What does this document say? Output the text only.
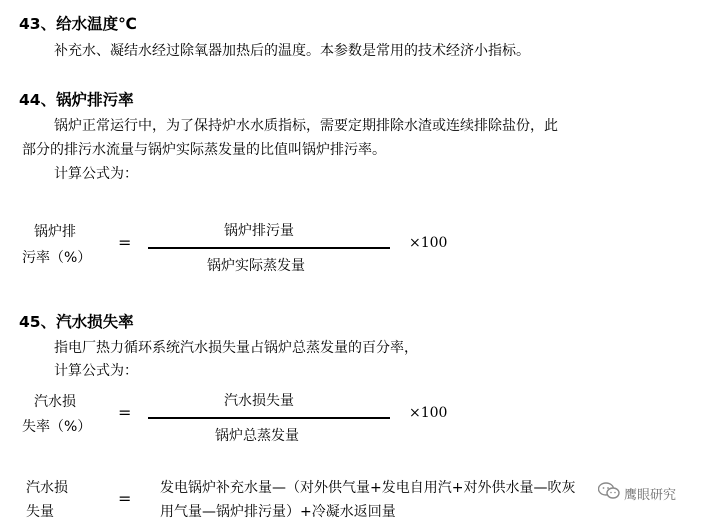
43、给水温度℃
补充水、凝结水经过除氧器加热后的温度。本参数是常用的技术经济小指标。
44、锅炉排污率
锅炉正常运行中，为了保持炉水水质指标，需要定期排除水渣或连续排除盐份，此
部分的排污水流量与锅炉实际蒸发量的比值叫锅炉排污率。
计算公式为：
锅炉排
污率（%）
=
锅炉排污量
锅炉实际蒸发量
×100
45、汽水损失率
指电厂热力循环系统汽水损失量占锅炉总蒸发量的百分率，
计算公式为：
汽水损
失率（%）
=
汽水损失量
锅炉总蒸发量
×100
汽水损
失量
=
发电锅炉补充水量—（对外供气量+发电自用汽+对外供水量—吹灰
用气量—锅炉排污量）+冷凝水返回量
鹰眼研究
